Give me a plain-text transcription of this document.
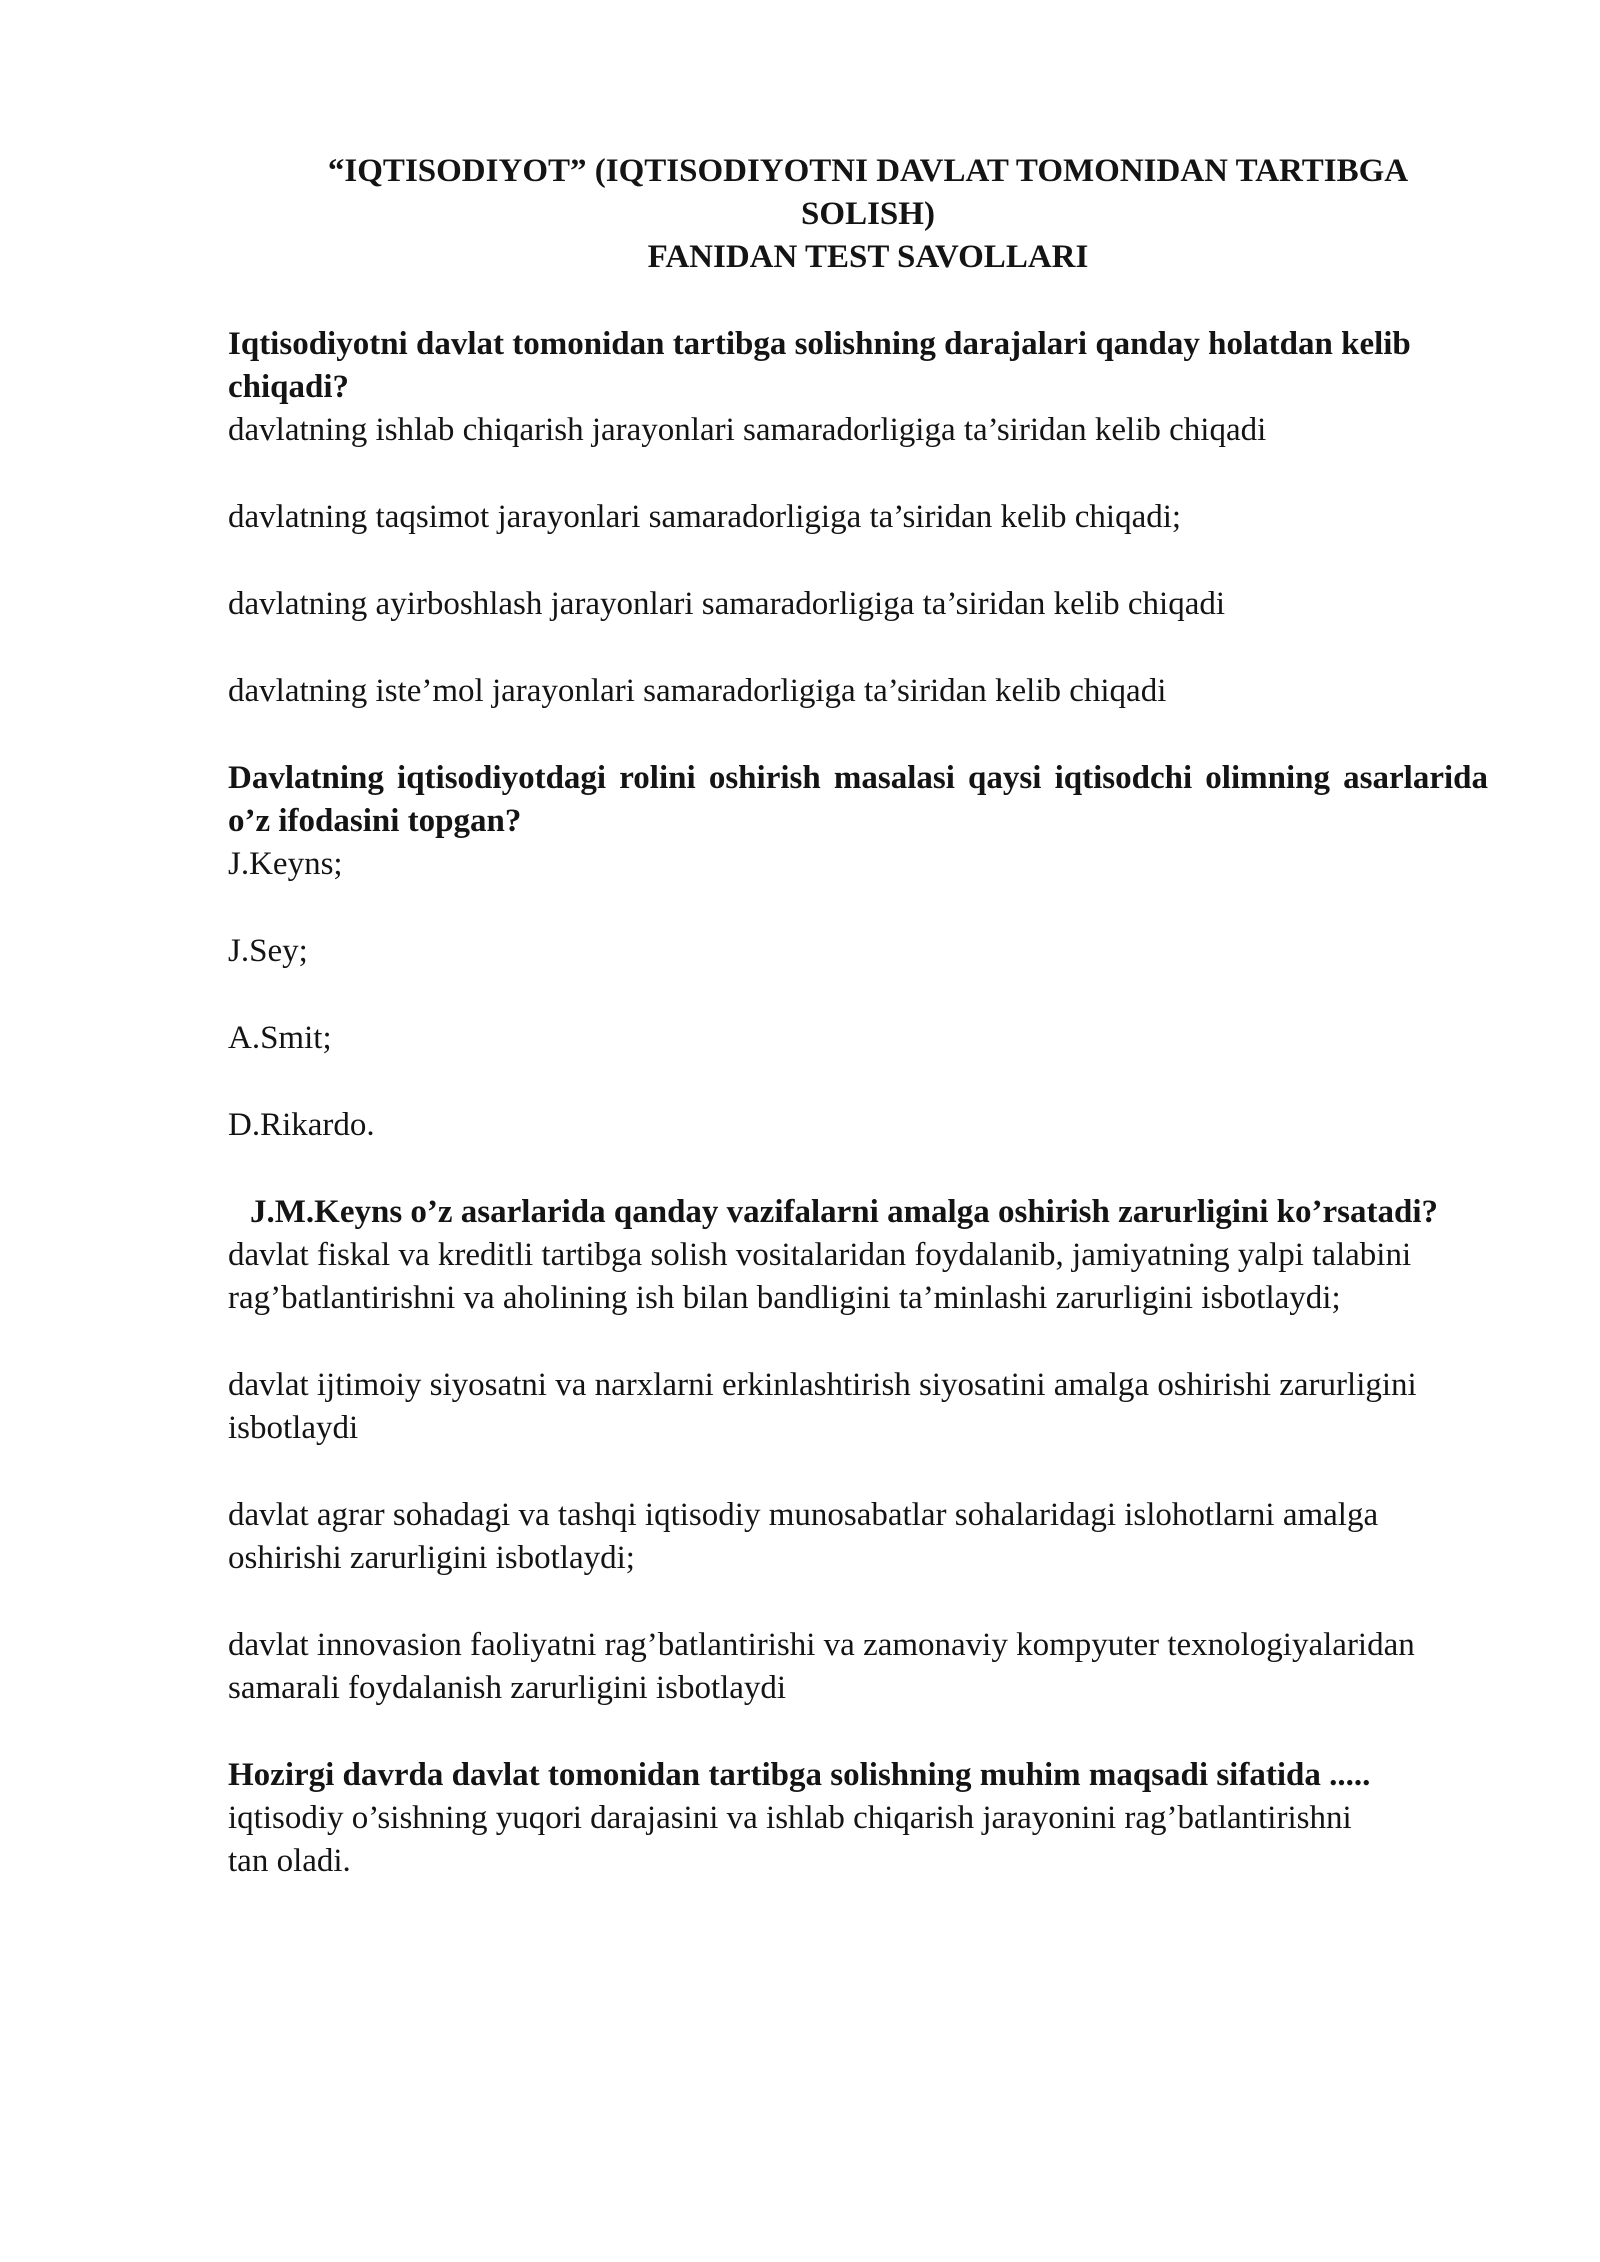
“IQTISODIYOT” (IQTISODIYOTNI DAVLAT TOMONIDAN TARTIBGA SOLISH)
FANIDAN TEST SAVOLLARI

Iqtisodiyotni davlat tomonidan tartibga solishning darajalari qanday holatdan kelib chiqadi?

davlatning ishlab chiqarish jarayonlari samaradorligiga ta’siridan kelib chiqadi

davlatning taqsimot jarayonlari samaradorligiga ta’siridan kelib chiqadi;

davlatning ayirboshlash jarayonlari samaradorligiga ta’siridan kelib chiqadi

davlatning iste’mol jarayonlari samaradorligiga ta’siridan kelib chiqadi

Davlatning iqtisodiyotdagi rolini oshirish masalasi qaysi iqtisodchi olimning asarlarida o’z ifodasini topgan?

J.Keyns;

J.Sey;

A.Smit;

D.Rikardo.

J.M.Keyns o’z asarlarida qanday vazifalarni amalga oshirish zarurligini ko’rsatadi?

davlat fiskal va kreditli tartibga solish vositalaridan foydalanib, jamiyatning yalpi talabini rag’batlantirishni va aholining ish bilan bandligini ta’minlashi zarurligini isbotlaydi;

davlat ijtimoiy siyosatni va narxlarni erkinlashtirish siyosatini amalga oshirishi zarurligini isbotlaydi

davlat agrar sohadagi va tashqi iqtisodiy munosabatlar sohalaridagi islohotlarni amalga oshirishi zarurligini isbotlaydi;

davlat innovasion faoliyatni rag’batlantirishi va zamonaviy kompyuter texnologiyalaridan samarali foydalanish zarurligini isbotlaydi

Hozirgi davrda davlat tomonidan tartibga solishning muhim maqsadi sifatida .....

iqtisodiy o’sishning yuqori darajasini va ishlab chiqarish jarayonini rag’batlantirishni tan oladi.
